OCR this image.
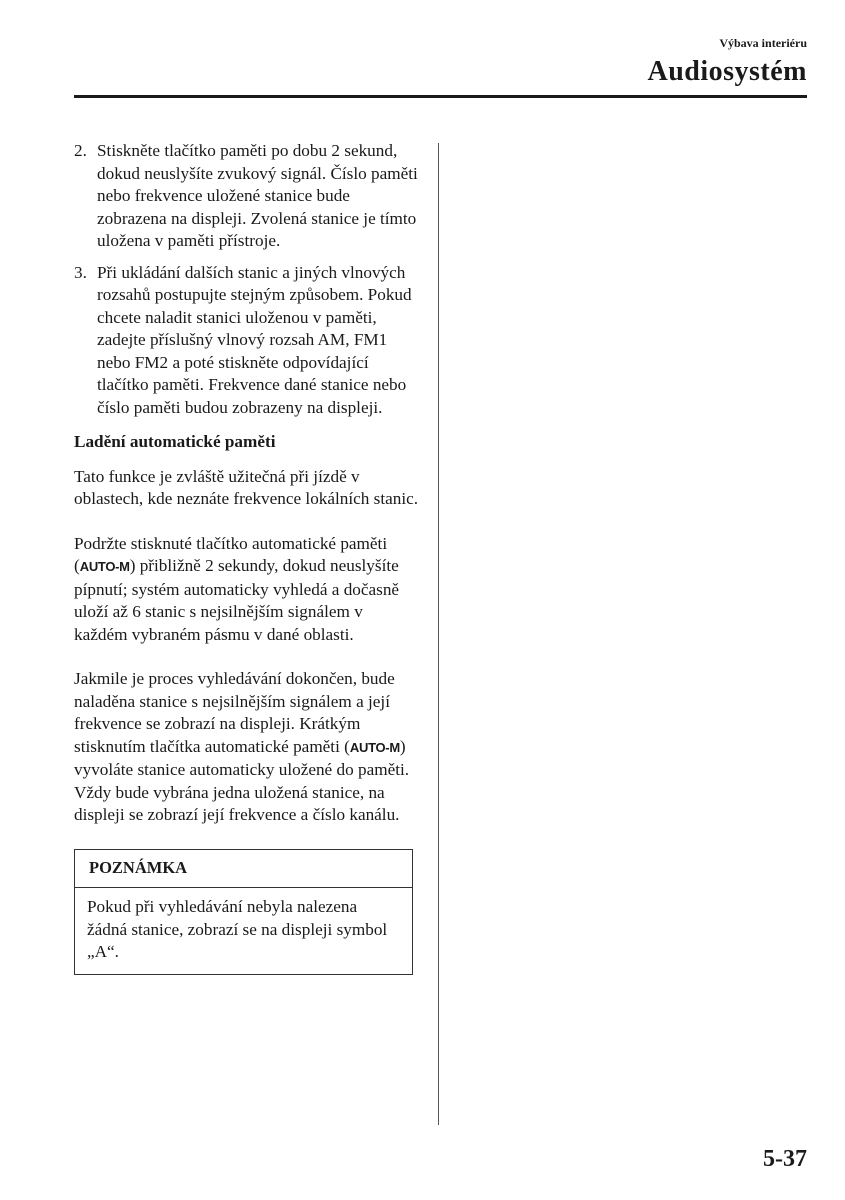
Výbava interiéru
Audiosystém
2. Stiskněte tlačítko paměti po dobu 2 sekund, dokud neuslyšíte zvukový signál. Číslo paměti nebo frekvence uložené stanice bude zobrazena na displeji. Zvolená stanice je tímto uložena v paměti přístroje.
3. Při ukládání dalších stanic a jiných vlnových rozsahů postupujte stejným způsobem. Pokud chcete naladit stanici uloženou v paměti, zadejte příslušný vlnový rozsah AM, FM1 nebo FM2 a poté stiskněte odpovídající tlačítko paměti. Frekvence dané stanice nebo číslo paměti budou zobrazeny na displeji.
Ladění automatické paměti

Tato funkce je zvláště užitečná při jízdě v oblastech, kde neznáte frekvence lokálních stanic.

Podržte stisknuté tlačítko automatické paměti (AUTO-M) přibližně 2 sekundy, dokud neuslyšíte pípnutí; systém automaticky vyhledá a dočasně uloží až 6 stanic s nejsilnějším signálem v každém vybraném pásmu v dané oblasti.

Jakmile je proces vyhledávání dokončen, bude naladěna stanice s nejsilnějším signálem a její frekvence se zobrazí na displeji. Krátkým stisknutím tlačítka automatické paměti (AUTO-M) vyvoláte stanice automaticky uložené do paměti. Vždy bude vybrána jedna uložená stanice, na displeji se zobrazí její frekvence a číslo kanálu.

POZNÁMKA
Pokud při vyhledávání nebyla nalezena žádná stanice, zobrazí se na displeji symbol „A“.
5-37
